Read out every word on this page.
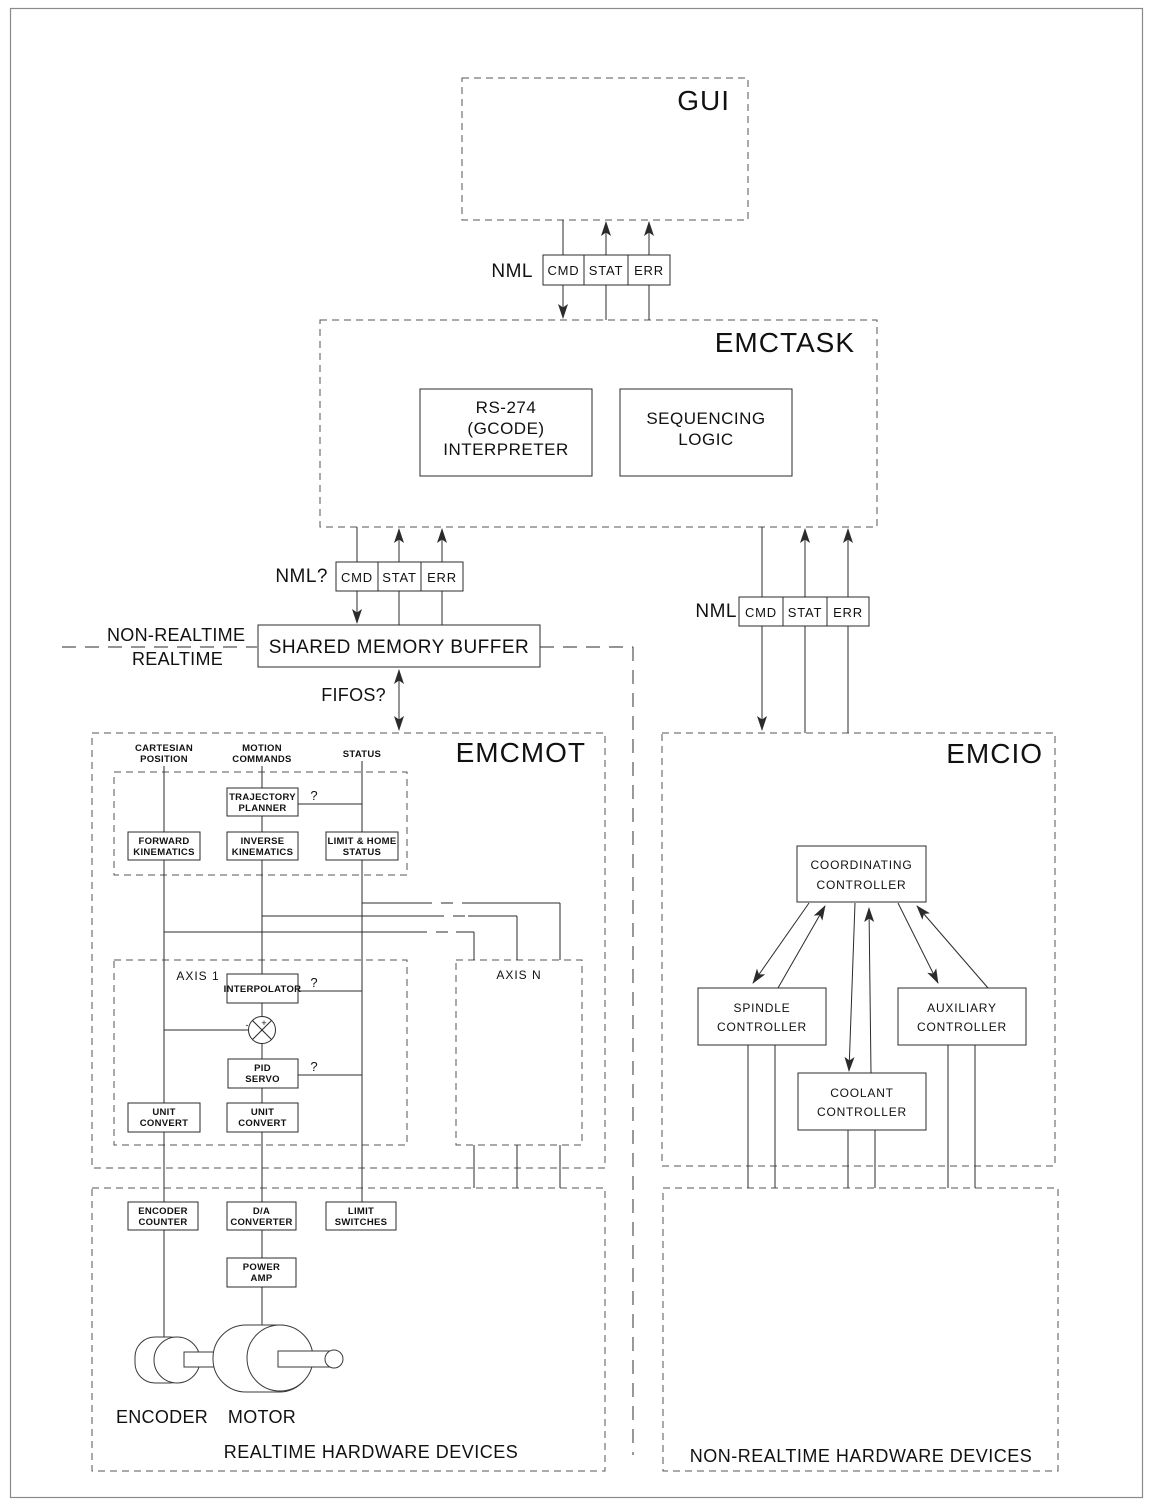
GUI
NML CMD STAT ERR
EMCTASK
RS-274
(GCODE)
INTERPRETER
SEQUENCING
LOGIC
NML? CMD STAT ERR
NML CMD STAT ERR
NON-REALTIME
REALTIME
SHARED MEMORY BUFFER
FIFOS?
EMCMOT
CARTESIAN
POSITION
MOTION
COMMANDS	STATUS
TRAJECTORY
PLANNER
?
FORWARD
KINEMATICS
INVERSE
KINEMATICS
LIMIT & HOME
STATUS
AXIS 1	AXIS N
INTERPOLATOR ?
+
-
PID
SERVO
?
UNIT
CONVERT
UNIT
CONVERT
EMCIO
COORDINATING
CONTROLLER
SPINDLE
CONTROLLER
AUXILIARY
CONTROLLER
COOLANT
CONTROLLER
ENCODER
COUNTER
D/A
CONVERTER
LIMIT
SWITCHES
POWER
AMP
ENCODER MOTOR
REALTIME HARDWARE DEVICES	NON-REALTIME HARDWARE DEVICES
